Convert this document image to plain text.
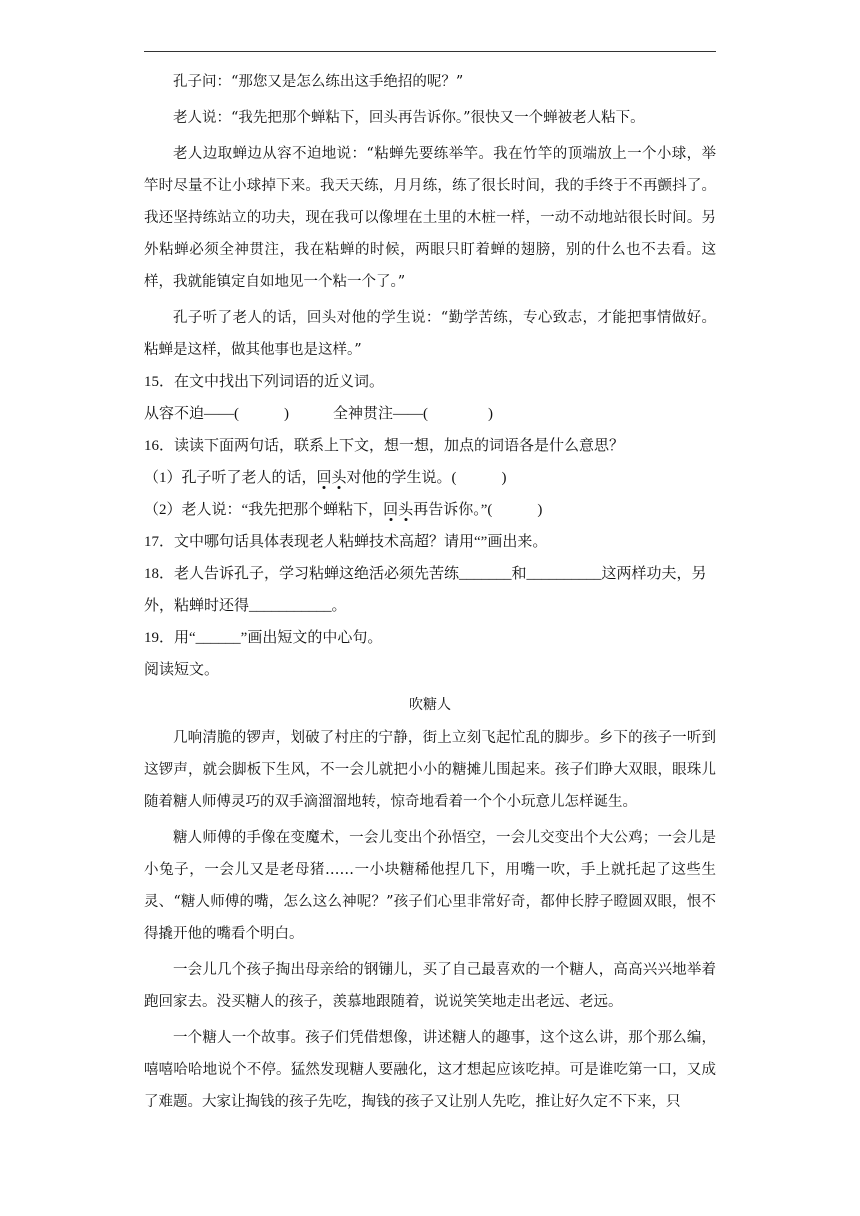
孔子问：“那您又是怎么练出这手绝招的呢？”

老人说：“我先把那个蝉粘下，回头再告诉你。”很快又一个蝉被老人粘下。

老人边取蝉边从容不迫地说：“粘蝉先要练举竿。我在竹竿的顶端放上一个小球，举竿时尽量不让小球掉下来。我天天练，月月练，练了很长时间，我的手终于不再颤抖了。我还坚持练站立的功夫，现在我可以像埋在土里的木桩一样，一动不动地站很长时间。另外粘蝉必须全神贯注，我在粘蝉的时候，两眼只盯着蝉的翅膀，别的什么也不去看。这样，我就能镇定自如地见一个粘一个了。”

孔子听了老人的话，回头对他的学生说：“勤学苦练，专心致志，才能把事情做好。粘蝉是这样，做其他事也是这样。”

15．在文中找出下列词语的近义词。

从容不迫——(　　　)	全神贯注——(　　　　)

16．读读下面两句话，联系上下文，想一想，加点的词语各是什么意思？

（1）孔子听了老人的话，回头对他的学生说。(　　　)

（2）老人说：“我先把那个蝉粘下，回头再告诉你。”(　　　)

17．文中哪句话具体表现老人粘蝉技术高超？请用“”画出来。

18．老人告诉孔子，学习粘蝉这绝活必须先苦练_______和__________这两样功夫，另

外，粘蝉时还得___________。

19．用“______”画出短文的中心句。

阅读短文。

吹糖人

几响清脆的锣声，划破了村庄的宁静，街上立刻飞起忙乱的脚步。乡下的孩子一听到这锣声，就会脚板下生风，不一会儿就把小小的糖摊儿围起来。孩子们睁大双眼，眼珠儿随着糖人师傅灵巧的双手滴溜溜地转，惊奇地看着一个个小玩意儿怎样诞生。

糖人师傅的手像在变魔术，一会儿变出个孙悟空，一会儿交变出个大公鸡；一会儿是小兔子，一会儿又是老母猪……一小块糖稀他捏几下，用嘴一吹，手上就托起了这些生灵、“糖人师傅的嘴，怎么这么神呢？”孩子们心里非常好奇，都伸长脖子瞪圆双眼，恨不得撬开他的嘴看个明白。

一会儿几个孩子掏出母亲给的钢镚儿，买了自己最喜欢的一个糖人，高高兴兴地举着跑回家去。没买糖人的孩子，羡慕地跟随着，说说笑笑地走出老远、老远。

一个糖人一个故事。孩子们凭借想像，讲述糖人的趣事，这个这么讲，那个那么编，嘻嘻哈哈地说个不停。猛然发现糖人要融化，这才想起应该吃掉。可是谁吃第一口，又成了难题。大家让掏钱的孩子先吃，掏钱的孩子又让别人先吃，推让好久定不下来，只
